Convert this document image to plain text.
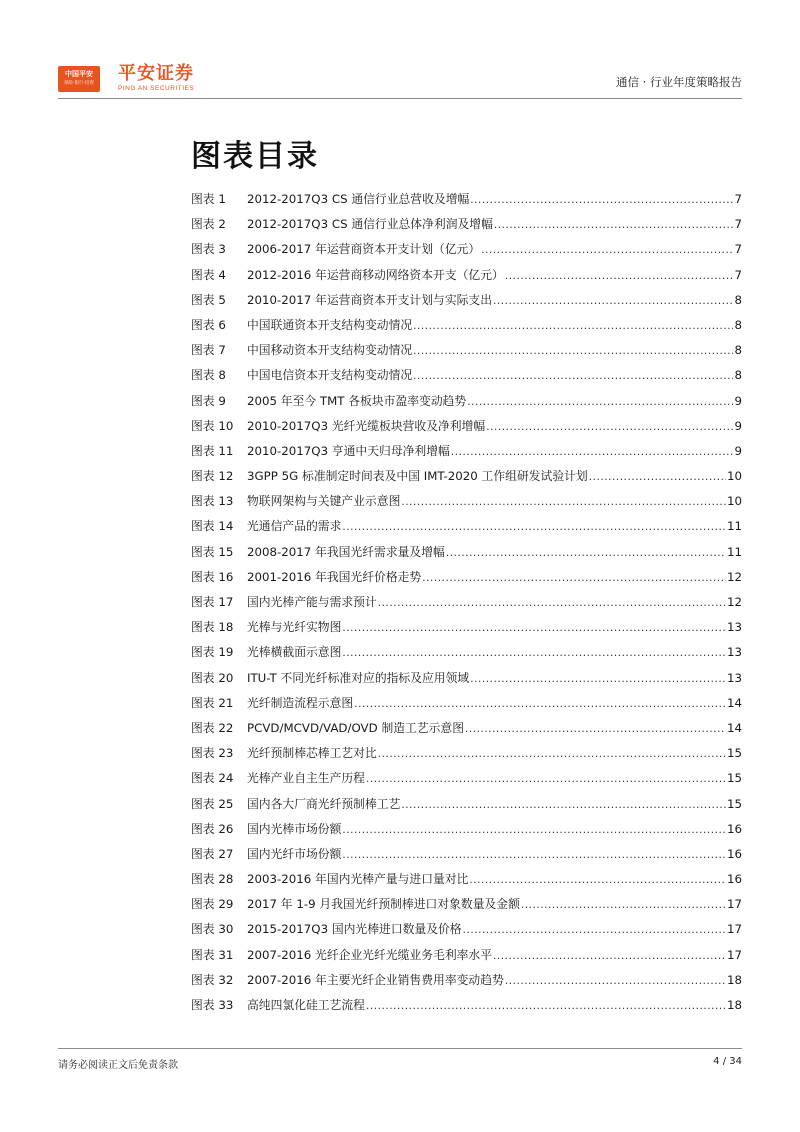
中国平安
保险·银行·投资	平安证券
PING AN SECURITIES	通信 · 行业年度策略报告
图表目录
图表 1	2012-2017Q3 CS 通信行业总营收及增幅 .....	7
图表 2	2012-2017Q3 CS 通信行业总体净利润及增幅 .....	7
图表 3	2006-2017 年运营商资本开支计划（亿元） .....	7
图表 4	2012-2016 年运营商移动网络资本开支（亿元） .....	7
图表 5	2010-2017 年运营商资本开支计划与实际支出 .....	8
图表 6	中国联通资本开支结构变动情况 .....	8
图表 7	中国移动资本开支结构变动情况 .....	8
图表 8	中国电信资本开支结构变动情况 .....	8
图表 9	2005 年至今 TMT 各板块市盈率变动趋势 .....	9
图表 10	2010-2017Q3 光纤光缆板块营收及净利增幅 .....	9
图表 11	2010-2017Q3 亨通中天归母净利增幅 .....	9
图表 12	3GPP 5G 标准制定时间表及中国 IMT-2020 工作组研发试验计划 .....	10
图表 13	物联网架构与关键产业示意图 .....	10
图表 14	光通信产品的需求 .....	11
图表 15	2008-2017 年我国光纤需求量及增幅 .....	11
图表 16	2001-2016 年我国光纤价格走势 .....	12
图表 17	国内光棒产能与需求预计 .....	12
图表 18	光棒与光纤实物图 .....	13
图表 19	光棒横截面示意图 .....	13
图表 20	ITU-T 不同光纤标准对应的指标及应用领域 .....	13
图表 21	光纤制造流程示意图 .....	14
图表 22	PCVD/MCVD/VAD/OVD 制造工艺示意图 .....	14
图表 23	光纤预制棒芯棒工艺对比 .....	15
图表 24	光棒产业自主生产历程 .....	15
图表 25	国内各大厂商光纤预制棒工艺 .....	15
图表 26	国内光棒市场份额 .....	16
图表 27	国内光纤市场份额 .....	16
图表 28	2003-2016 年国内光棒产量与进口量对比 .....	16
图表 29	2017 年 1-9 月我国光纤预制棒进口对象数量及金额 .....	17
图表 30	2015-2017Q3 国内光棒进口数量及价格 .....	17
图表 31	2007-2016 光纤企业光纤光缆业务毛利率水平 .....	17
图表 32	2007-2016 年主要光纤企业销售费用率变动趋势 .....	18
图表 33	高纯四氯化硅工艺流程 .....	18
请务必阅读正文后免责条款	4 / 34
